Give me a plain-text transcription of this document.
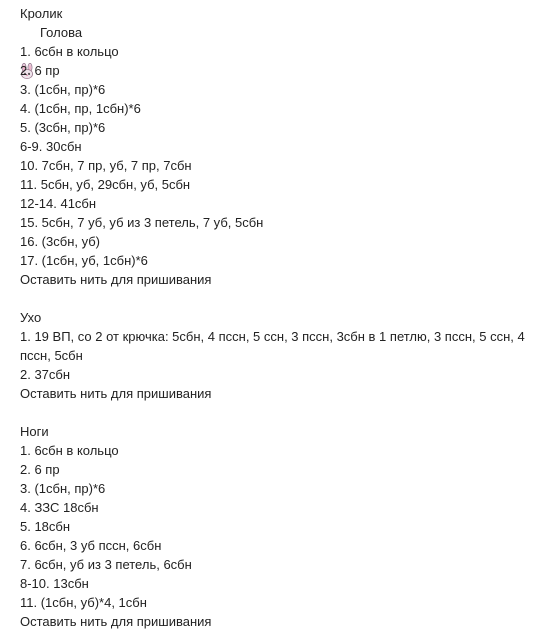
Кролик

Голова
1. 6сбн в кольцо
2. 6 пр
3. (1сбн, пр)*6
4. (1сбн, пр, 1сбн)*6
5. (3сбн, пр)*6
6-9. 30сбн
10. 7сбн, 7 пр, уб, 7 пр, 7сбн
11. 5сбн, уб, 29сбн, уб, 5сбн
12-14. 41сбн
15. 5сбн, 7 уб, уб из 3 петель, 7 уб, 5сбн
16. (3сбн, уб)
17. (1сбн, уб, 1сбн)*6
Оставить нить для пришивания
Ухо
1. 19 ВП, со 2 от крючка: 5сбн, 4 пссн, 5 ссн, 3 пссн, 3сбн в 1 петлю, 3 пссн, 5 ссн, 4 пссн, 5сбн
2. 37сбн
Оставить нить для пришивания
Ноги
1. 6сбн в кольцо
2. 6 пр
3. (1сбн, пр)*6
4. ЗЗС 18сбн
5. 18сбн
6. 6сбн, 3 уб пссн, 6сбн
7. 6сбн, уб из 3 петель, 6сбн
8-10. 13сбн
11. (1сбн, уб)*4, 1сбн
Оставить нить для пришивания
